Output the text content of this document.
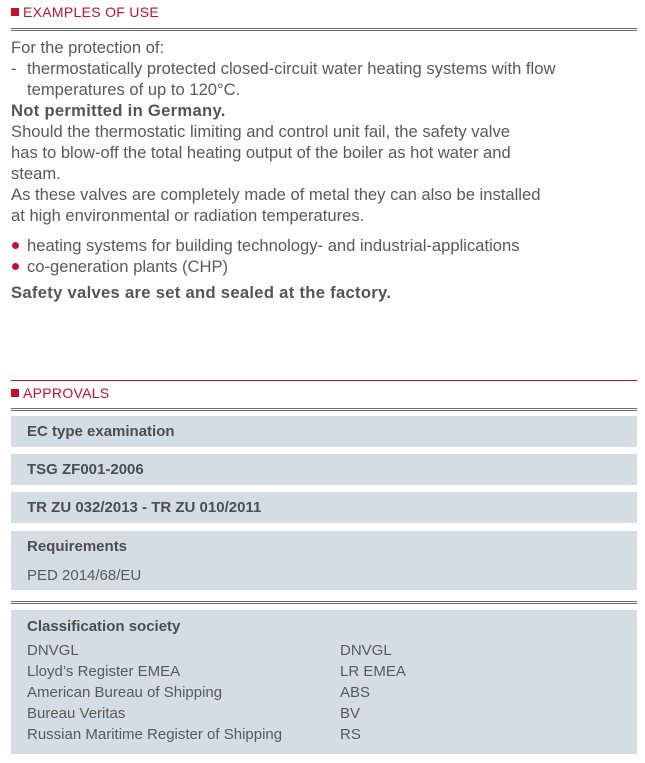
EXAMPLES OF USE

For the protection of:

- thermostatically protected closed-circuit water heating systems with flow
temperatures of up to 120°C.

Not permitted in Germany.

Should the thermostatic limiting and control unit fail, the safety valve
has to blow-off the total heating output of the boiler as hot water and
steam.

As these valves are completely made of metal they can also be installed
at high environmental or radiation temperatures.

heating systems for building technology- and industrial-applications
co-generation plants (CHP)

Safety valves are set and sealed at the factory.

APPROVALS
EC type examination
TSG ZF001-2006
TR ZU 032/2013 - TR ZU 010/2011
Requirements
PED 2014/68/EU
Classification society
DNVGL	DNVGL
Lloyd’s Register EMEA	LR EMEA
American Bureau of Shipping	ABS
Bureau Veritas	BV
Russian Maritime Register of Shipping	RS
